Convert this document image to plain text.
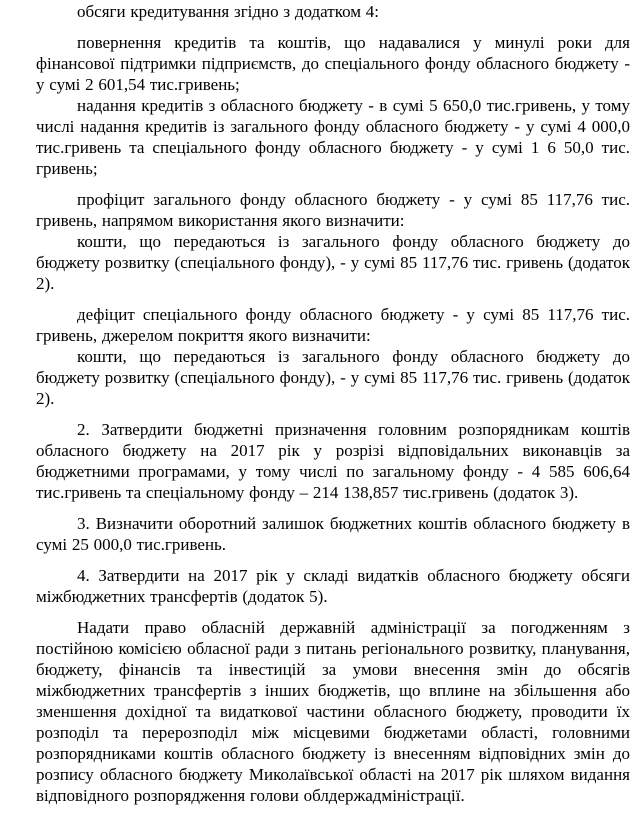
обсяги кредитування згідно з додатком 4:

повернення кредитів та коштів, що надавалися у минулі роки для фінансової підтримки підприємств, до спеціального фонду обласного бюджету - у сумі 2 601,54 тис.гривень;

надання кредитів з обласного бюджету - в сумі 5 650,0 тис.гривень, у тому числі надання кредитів із загального фонду обласного бюджету - у сумі 4 000,0 тис.гривень та спеціального фонду обласного бюджету - у сумі 1 6 50,0 тис. гривень;

профіцит загального фонду обласного бюджету - у сумі 85 117,76 тис. гривень, напрямом використання якого визначити:

кошти, що передаються із загального фонду обласного бюджету до бюджету розвитку (спеціального фонду), - у сумі 85 117,76 тис. гривень (додаток 2).

дефіцит спеціального фонду обласного бюджету - у сумі 85 117,76 тис. гривень, джерелом покриття якого визначити:

кошти, що передаються із загального фонду обласного бюджету до бюджету розвитку (спеціального фонду), - у сумі 85 117,76 тис. гривень (додаток 2).

2. Затвердити бюджетні призначення головним розпорядникам коштів обласного бюджету на 2017 рік у розрізі відповідальних виконавців за бюджетними програмами, у тому числі по загальному фонду - 4 585 606,64 тис.гривень та спеціальному фонду – 214 138,857 тис.гривень (додаток 3).

3. Визначити оборотний залишок бюджетних коштів обласного бюджету в сумі 25 000,0 тис.гривень.

4. Затвердити на 2017 рік у складі видатків обласного бюджету обсяги міжбюджетних трансфертів (додаток 5).

Надати право обласній державній адміністрації за погодженням з постійною комісією обласної ради з питань регіонального розвитку, планування, бюджету, фінансів та інвестицій за умови внесення змін до обсягів міжбюджетних трансфертів з інших бюджетів, що вплине на збільшення або зменшення дохідної та видаткової частини обласного бюджету, проводити їх розподіл та перерозподіл між місцевими бюджетами області, головними розпорядниками коштів обласного бюджету із внесенням відповідних змін до розпису обласного бюджету Миколаївської області на 2017 рік шляхом видання відповідного розпорядження голови облдержадміністрації.
